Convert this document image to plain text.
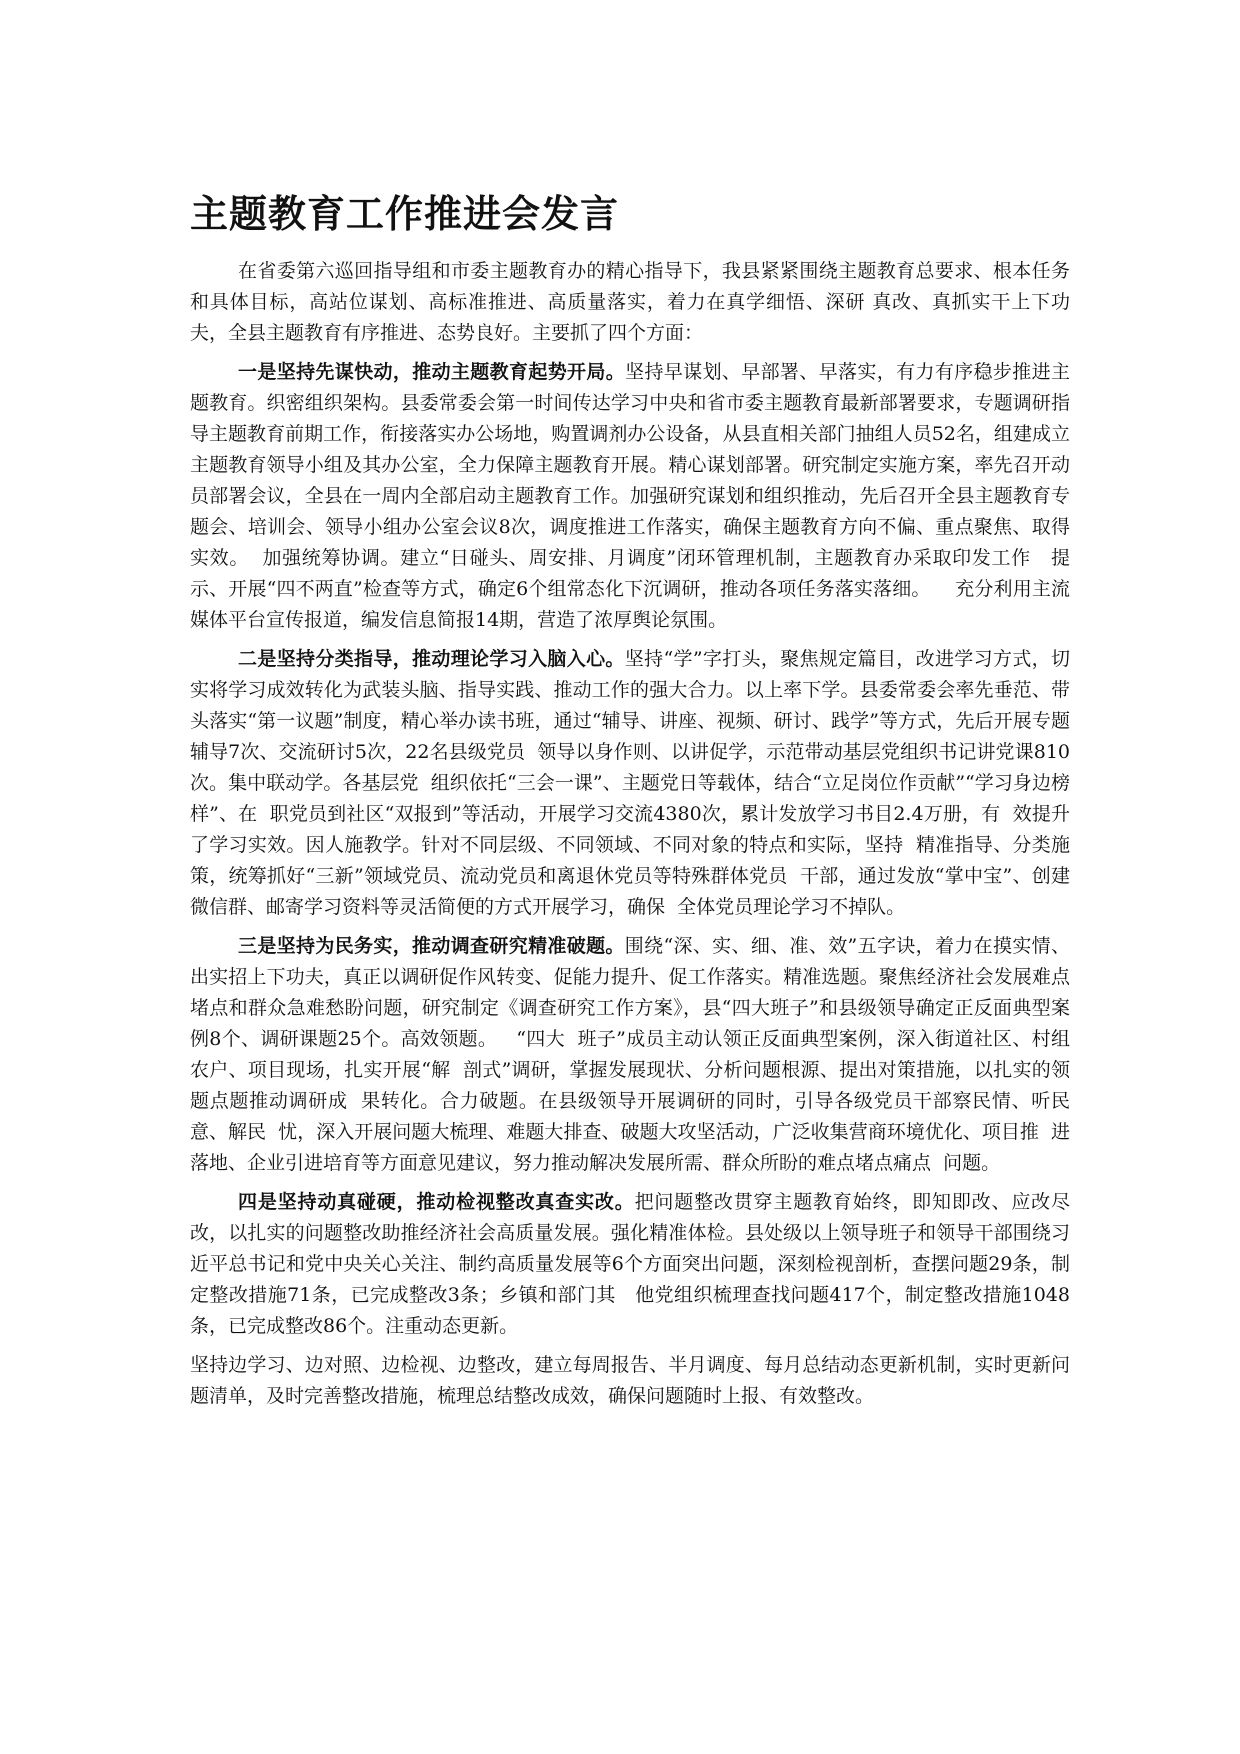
主题教育工作推进会发言

在省委第六巡回指导组和市委主题教育办的精心指导下，我县紧紧围绕主题教育总要求、根本任务和具体目标，高站位谋划、高标准推进、高质量落实，着力在真学细悟、深研 真改、真抓实干上下功夫，全县主题教育有序推进、态势良好。主要抓了四个方面：

一是坚持先谋快动，推动主题教育起势开局。坚持早谋划、早部署、早落实，有力有序稳步推进主题教育。织密组织架构。县委常委会第一时间传达学习中央和省市委主题教育最新部署要求，专题调研指导主题教育前期工作，衔接落实办公场地，购置调剂办公设备，从县直相关部门抽组人员52名，组建成立主题教育领导小组及其办公室，全力保障主题教育开展。精心谋划部署。研究制定实施方案，率先召开动员部署会议，全县在一周内全部启动主题教育工作。加强研究谋划和组织推动，先后召开全县主题教育专题会、培训会、领导小组办公室会议8次，调度推进工作落实，确保主题教育方向不偏、重点聚焦、取得实效。  加强统筹协调。建立“日碰头、周安排、月调度”闭环管理机制，主题教育办采取印发工作   提示、开展“四不两直”检查等方式，确定6个组常态化下沉调研，推动各项任务落实落细。    充分利用主流媒体平台宣传报道，编发信息简报14期，营造了浓厚舆论氛围。

二是坚持分类指导，推动理论学习入脑入心。坚持“学”字打头，聚焦规定篇目，改进学习方式，切实将学习成效转化为武装头脑、指导实践、推动工作的强大合力。以上率下学。县委常委会率先垂范、带头落实“第一议题”制度，精心举办读书班，通过“辅导、讲座、视频、研讨、践学”等方式，先后开展专题辅导7次、交流研讨5次，22名县级党员  领导以身作则、以讲促学，示范带动基层党组织书记讲党课810次。集中联动学。各基层党  组织依托“三会一课”、主题党日等载体，结合“立足岗位作贡献”“学习身边榜样”、在  职党员到社区“双报到”等活动，开展学习交流4380次，累计发放学习书目2.4万册，有  效提升了学习实效。因人施教学。针对不同层级、不同领域、不同对象的特点和实际，坚持  精准指导、分类施策，统筹抓好“三新”领域党员、流动党员和离退休党员等特殊群体党员  干部，通过发放“掌中宝”、创建微信群、邮寄学习资料等灵活简便的方式开展学习，确保  全体党员理论学习不掉队。

三是坚持为民务实，推动调查研究精准破题。围绕“深、实、细、准、效”五字诀，着力在摸实情、出实招上下功夫，真正以调研促作风转变、促能力提升、促工作落实。精准选题。聚焦经济社会发展难点堵点和群众急难愁盼问题，研究制定《调查研究工作方案》，县“四大班子”和县级领导确定正反面典型案例8个、调研课题25个。高效领题。   “四大  班子”成员主动认领正反面典型案例，深入街道社区、村组农户、项目现场，扎实开展“解  剖式”调研，掌握发展现状、分析问题根源、提出对策措施，以扎实的领题点题推动调研成  果转化。合力破题。在县级领导开展调研的同时，引导各级党员干部察民情、听民意、解民  忧，深入开展问题大梳理、难题大排查、破题大攻坚活动，广泛收集营商环境优化、项目推  进落地、企业引进培育等方面意见建议，努力推动解决发展所需、群众所盼的难点堵点痛点  问题。

四是坚持动真碰硬，推动检视整改真查实改。把问题整改贯穿主题教育始终，即知即改、应改尽改，以扎实的问题整改助推经济社会高质量发展。强化精准体检。县处级以上领导班子和领导干部围绕习近平总书记和党中央关心关注、制约高质量发展等6个方面突出问题，深刻检视剖析，查摆问题29条，制定整改措施71条，已完成整改3条；乡镇和部门其   他党组织梳理查找问题417个，制定整改措施1048条，已完成整改86个。注重动态更新。

坚持边学习、边对照、边检视、边整改，建立每周报告、半月调度、每月总结动态更新机制，实时更新问题清单，及时完善整改措施，梳理总结整改成效，确保问题随时上报、有效整改。
